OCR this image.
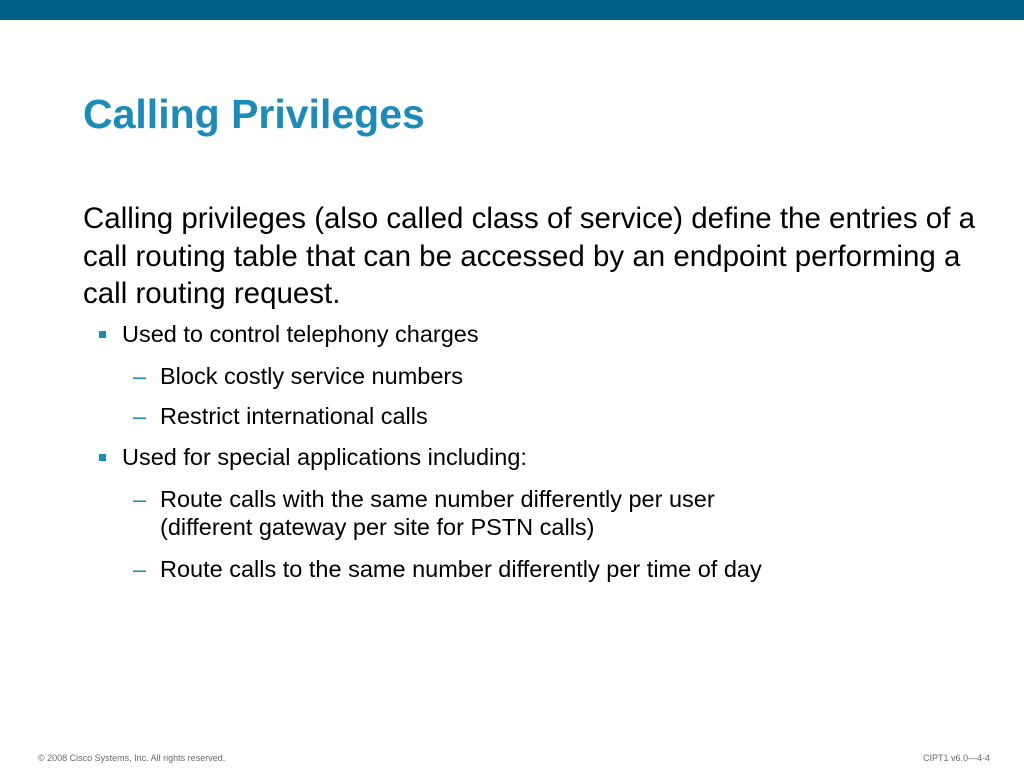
Calling Privileges

Calling privileges (also called class of service) define the entries of a call routing table that can be accessed by an endpoint performing a call routing request.

Used to control telephony charges
– Block costly service numbers
– Restrict international calls
Used for special applications including:
– Route calls with the same number differently per user
(different gateway per site for PSTN calls)
– Route calls to the same number differently per time of day
© 2008 Cisco Systems, Inc. All rights reserved.	CIPT1 v6.0—4-4
